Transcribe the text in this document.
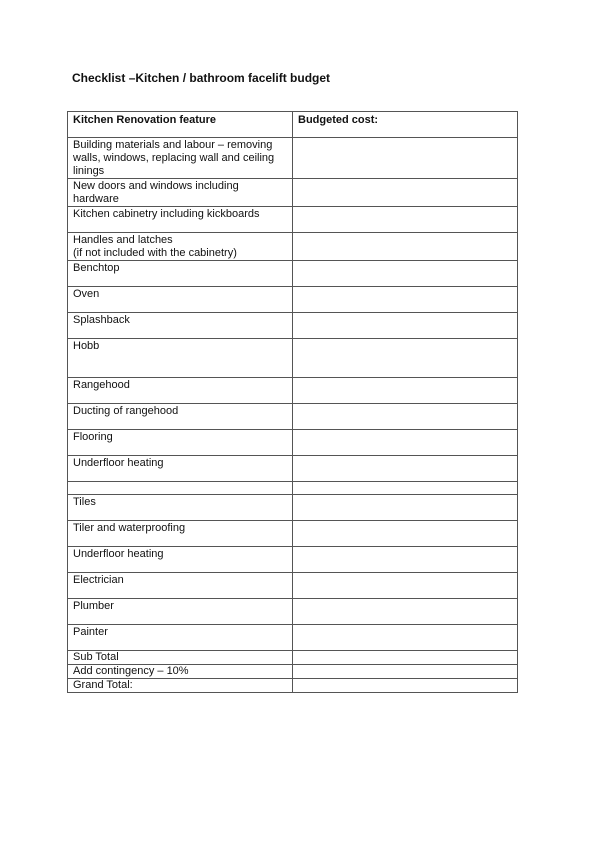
Checklist –Kitchen / bathroom facelift budget
Kitchen Renovation feature	Budgeted cost:

Building materials and labour – removing walls, windows, replacing wall and ceiling linings	

New doors and windows including hardware	

Kitchen cabinetry including kickboards	

Handles and latches
(if not included with the cabinetry)	

Benchtop	

Oven	

Splashback	

Hobb	

Rangehood	

Ducting of rangehood	

Flooring	

Underfloor heating	

Tiles	

Tiler and waterproofing	

Underfloor heating	

Electrician	

Plumber	

Painter	

Sub Total	
Add contingency – 10%	
Grand Total:	
